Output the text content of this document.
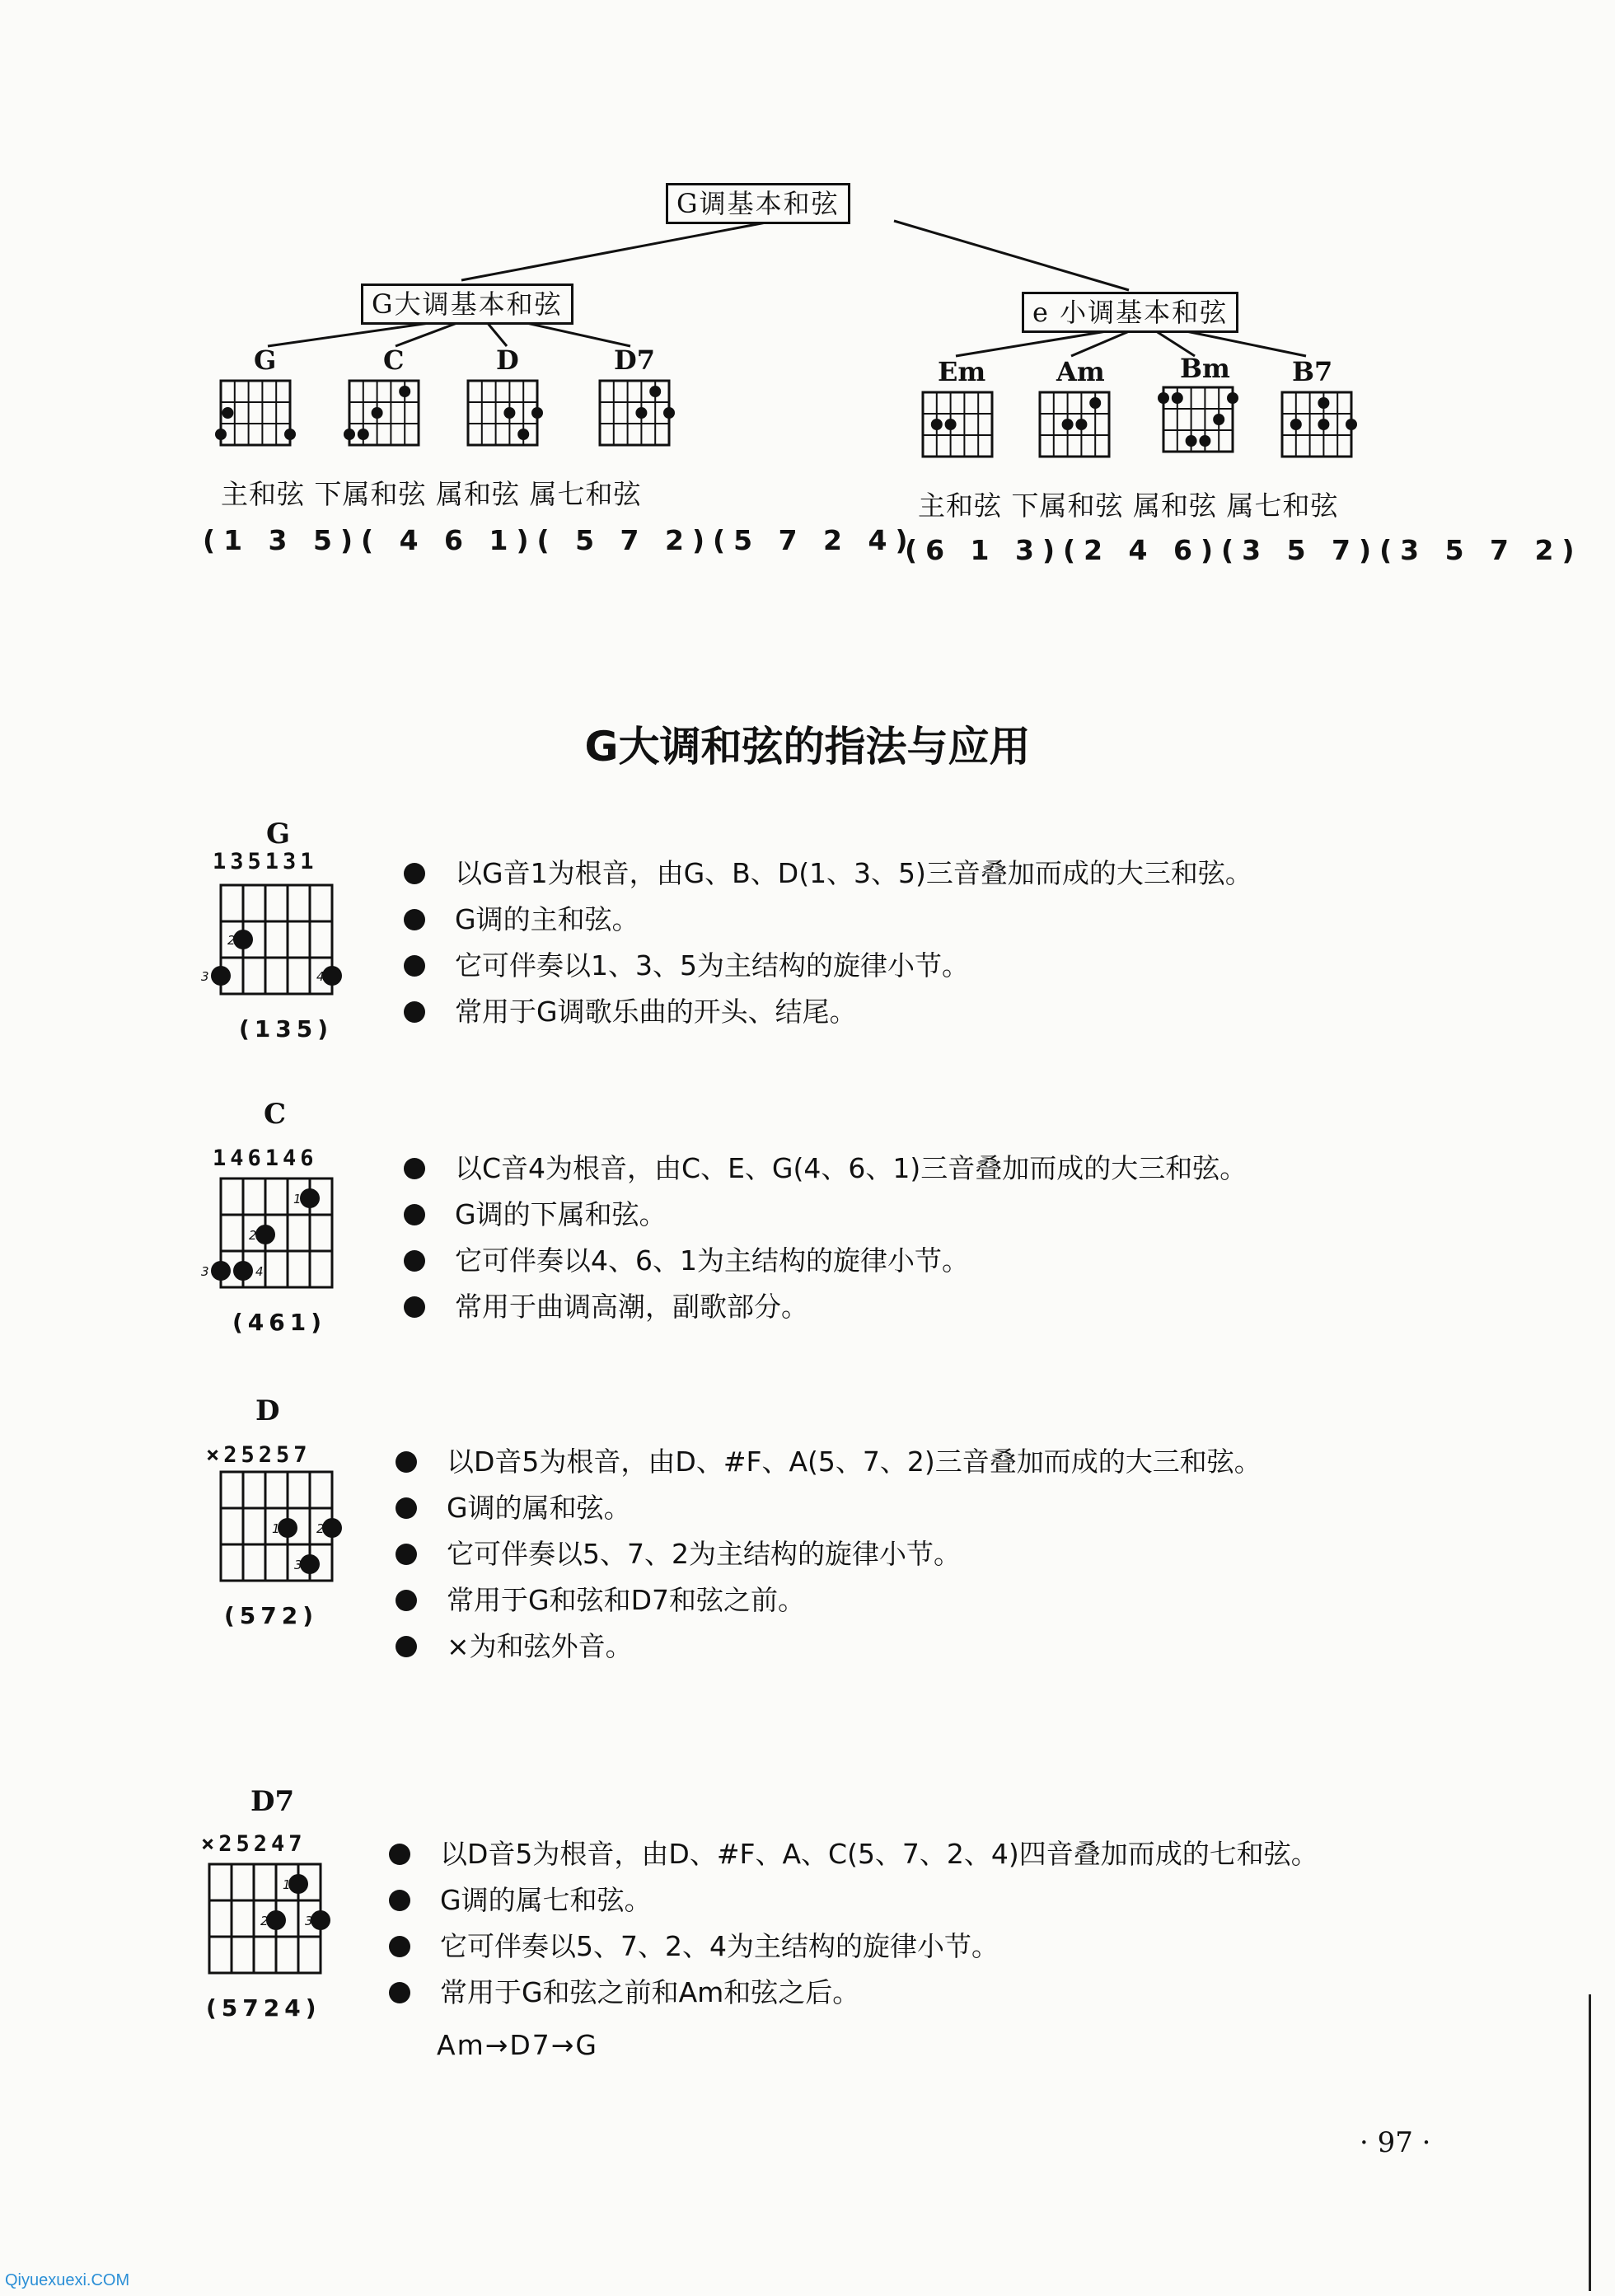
G调基本和弦
G大调基本和弦	e 小调基本和弦
G	C	D	D7	Em	Am	Bm B7
主和弦 下属和弦 属和弦 属七和弦
(1 3 5)( 4 6 1)( 5 7 2)(5 7 2 4)
主和弦 下属和弦 属和弦 属七和弦
(6 1 3)(2 4 6)(3 5 7)(3 5 7 2)
G大调和弦的指法与应用
G
135131
2
3	4
(135)
以G音1为根音，由G、B、D(1、3、5)三音叠加而成的大三和弦。
G调的主和弦。
它可伴奏以1、3、5为主结构的旋律小节。
常用于G调歌乐曲的开头、结尾。
C
146146
1
2
3	4
(461)
以C音4为根音，由C、E、G(4、6、1)三音叠加而成的大三和弦。
G调的下属和弦。
它可伴奏以4、6、1为主结构的旋律小节。
常用于曲调高潮，副歌部分。
D
×25257
1	2
3
(572)
以D音5为根音，由D、#F、A(5、7、2)三音叠加而成的大三和弦。
G调的属和弦。
它可伴奏以5、7、2为主结构的旋律小节。
常用于G和弦和D7和弦之前。
×为和弦外音。
D7
×25247
1
2	3
(5724)
以D音5为根音，由D、#F、A、C(5、7、2、4)四音叠加而成的七和弦。
G调的属七和弦。
它可伴奏以5、7、2、4为主结构的旋律小节。
常用于G和弦之前和Am和弦之后。
Am→D7→G
· 97 ·
Qiyuexuexi.COM
